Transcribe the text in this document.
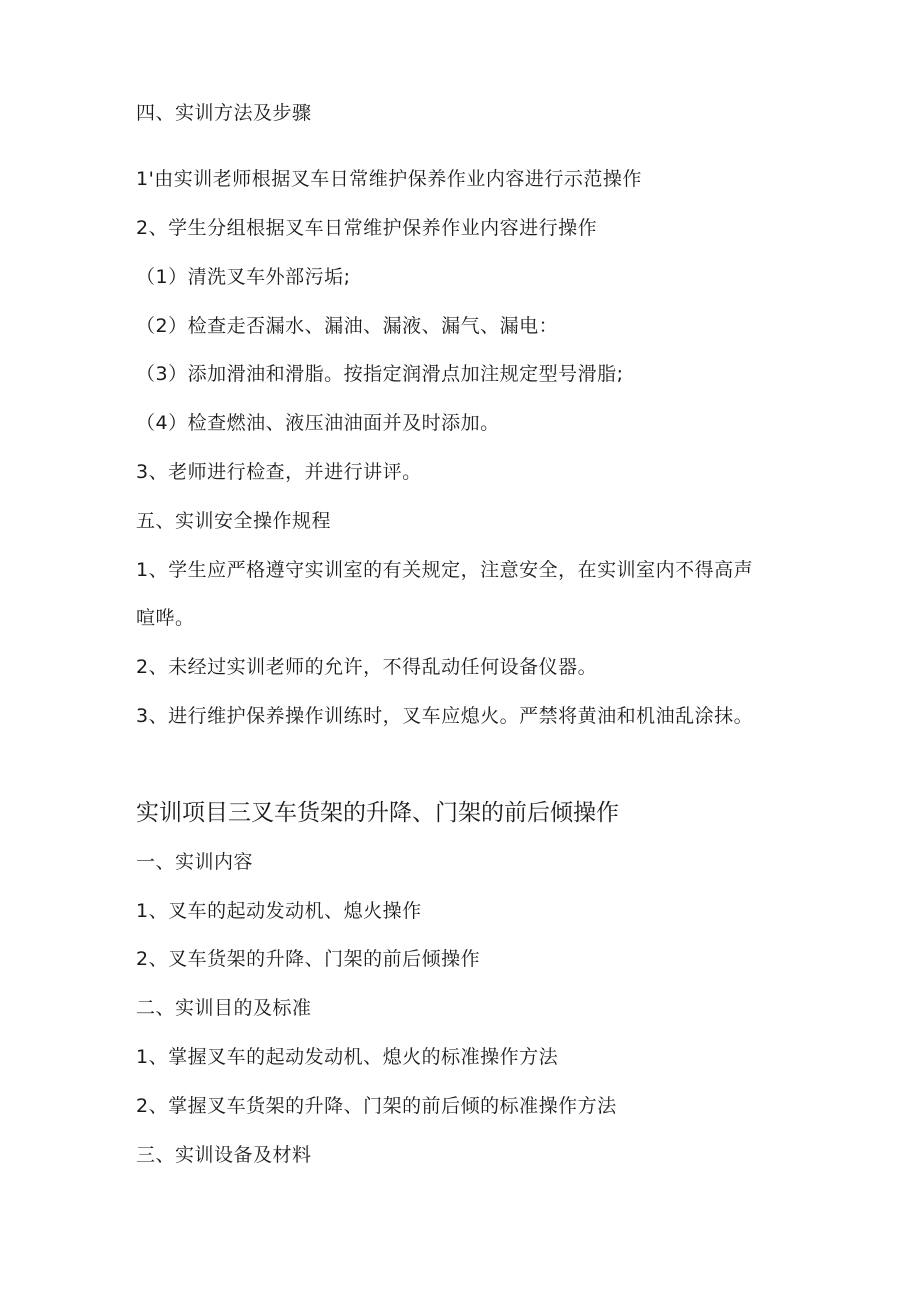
四、实训方法及步骤
1'由实训老师根据叉车日常维护保养作业内容进行示范操作
2、学生分组根据叉车日常维护保养作业内容进行操作
（1）清洗叉车外部污垢;
（2）检查走否漏水、漏油、漏液、漏气、漏电：
（3）添加滑油和滑脂。按指定润滑点加注规定型号滑脂;
（4）检查燃油、液压油油面并及时添加。
3、老师进行检查，并进行讲评。
五、实训安全操作规程
1、学生应严格遵守实训室的有关规定，注意安全，在实训室内不得高声
喧哗。
2、未经过实训老师的允许，不得乱动任何设备仪器。
3、进行维护保养操作训练时，叉车应熄火。严禁将黄油和机油乱涂抹。
实训项目三叉车货架的升降、门架的前后倾操作
一、实训内容
1、叉车的起动发动机、熄火操作
2、叉车货架的升降、门架的前后倾操作
二、实训目的及标准
1、掌握叉车的起动发动机、熄火的标准操作方法
2、掌握叉车货架的升降、门架的前后倾的标准操作方法
三、实训设备及材料
